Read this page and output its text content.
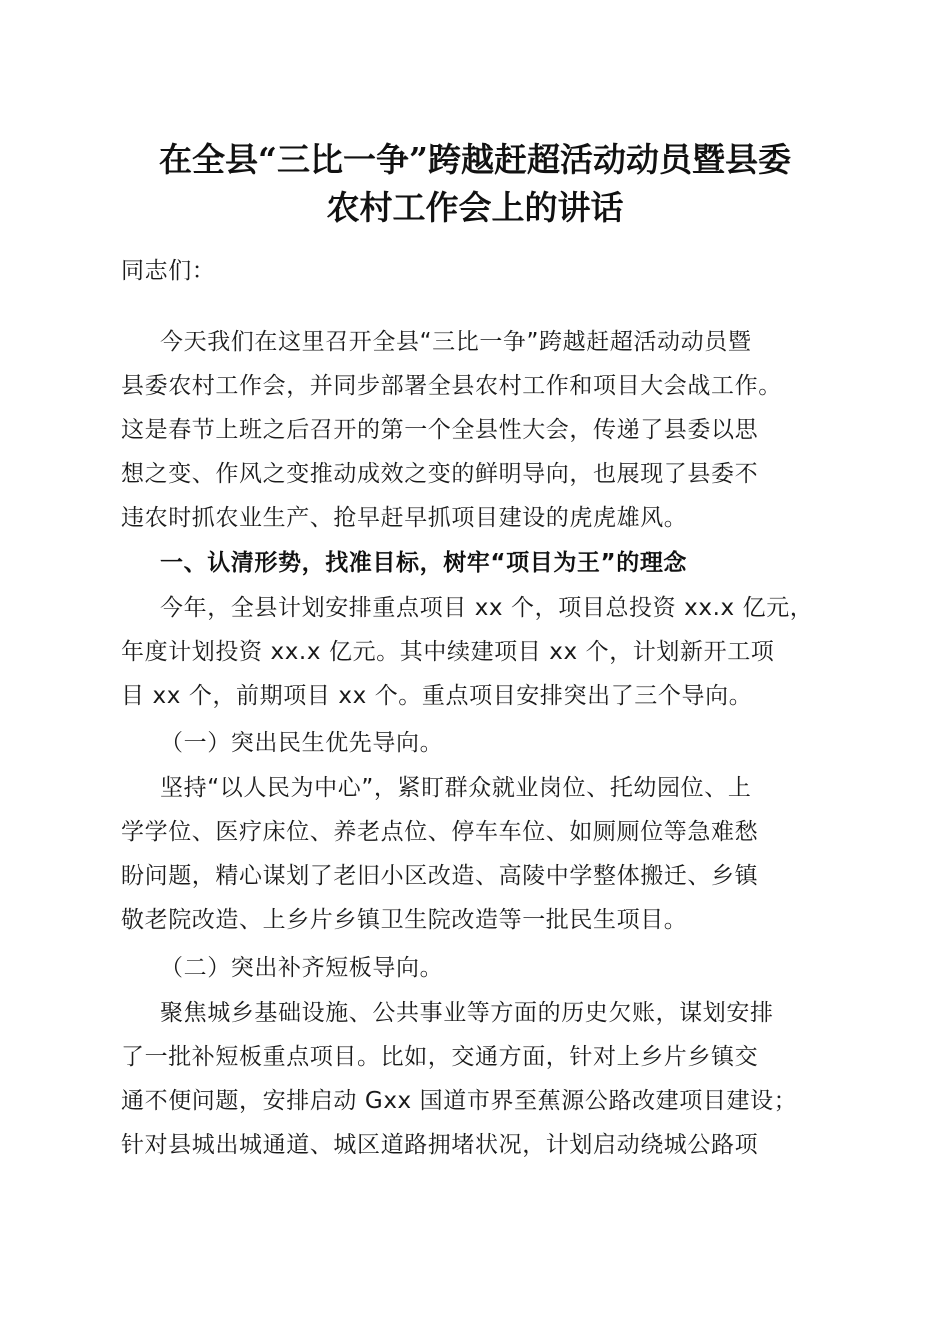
在全县“三比一争”跨越赶超活动动员暨县委
农村工作会上的讲话
同志们：
今天我们在这里召开全县“三比一争”跨越赶超活动动员暨
县委农村工作会，并同步部署全县农村工作和项目大会战工作。
这是春节上班之后召开的第一个全县性大会，传递了县委以思
想之变、作风之变推动成效之变的鲜明导向，也展现了县委不
违农时抓农业生产、抢早赶早抓项目建设的虎虎雄风。
一、认清形势，找准目标，树牢“项目为王”的理念
今年，全县计划安排重点项目 xx 个，项目总投资 xx.x 亿元，
年度计划投资 xx.x 亿元。其中续建项目 xx 个，计划新开工项
目 xx 个，前期项目 xx 个。重点项目安排突出了三个导向。
（一）突出民生优先导向。
坚持“以人民为中心”，紧盯群众就业岗位、托幼园位、上
学学位、医疗床位、养老点位、停车车位、如厕厕位等急难愁
盼问题，精心谋划了老旧小区改造、高陵中学整体搬迁、乡镇
敬老院改造、上乡片乡镇卫生院改造等一批民生项目。
（二）突出补齐短板导向。
聚焦城乡基础设施、公共事业等方面的历史欠账，谋划安排
了一批补短板重点项目。比如，交通方面，针对上乡片乡镇交
通不便问题，安排启动 Gxx 国道市界至蕉源公路改建项目建设；
针对县城出城通道、城区道路拥堵状况，计划启动绕城公路项
